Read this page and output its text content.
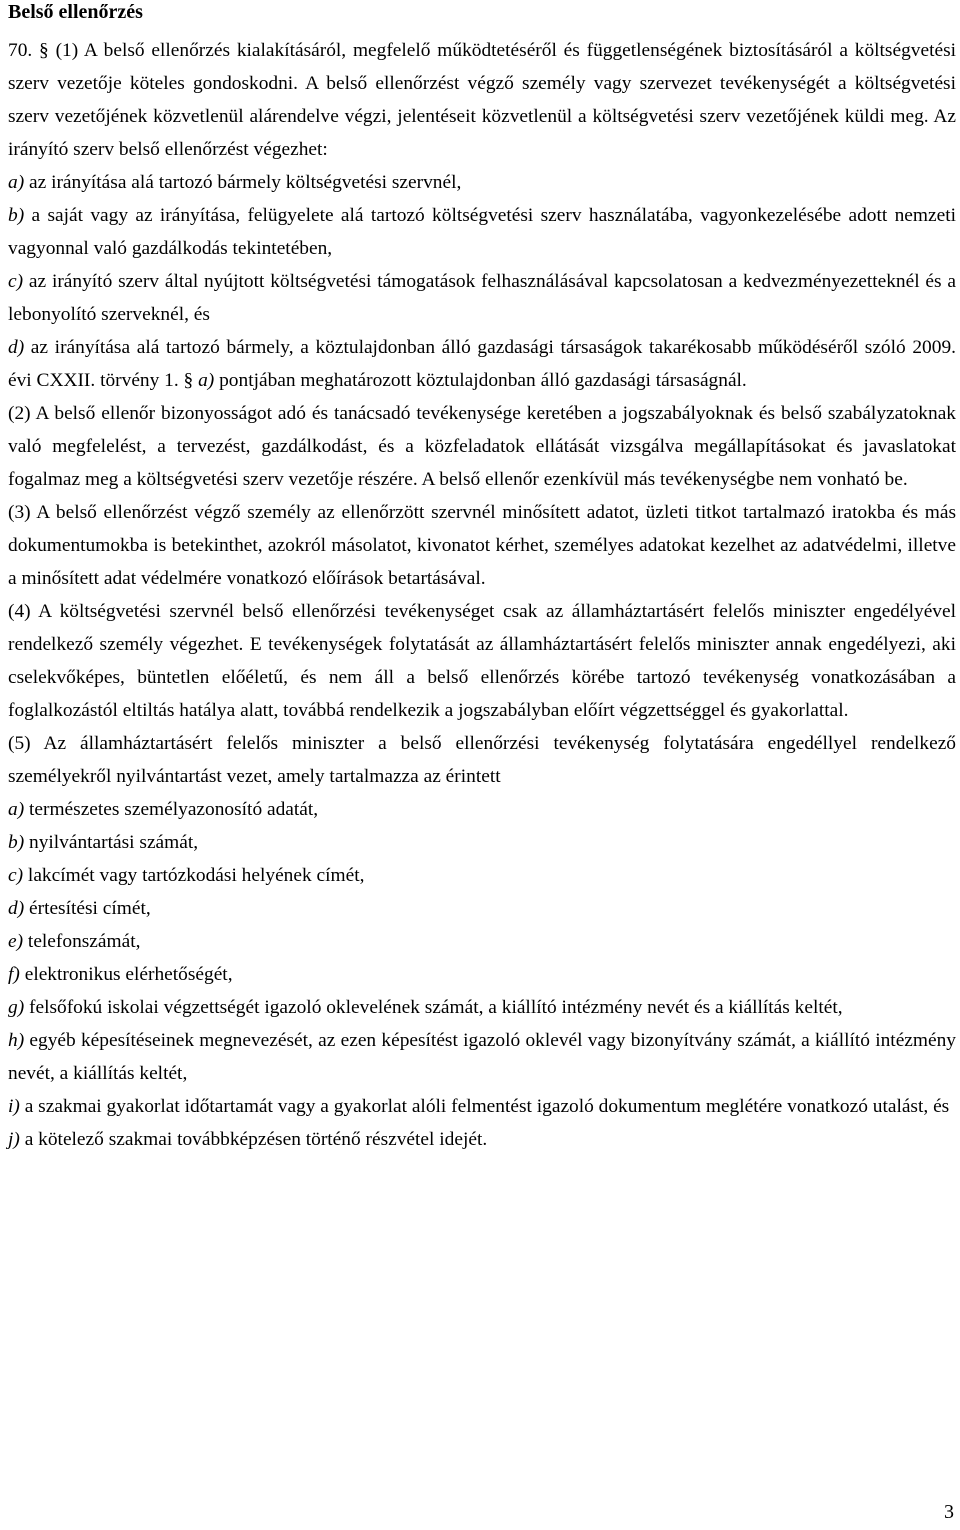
Belső ellenőrzés

70. § (1) A belső ellenőrzés kialakításáról, megfelelő működtetéséről és függetlenségének biztosításáról a költségvetési szerv vezetője köteles gondoskodni. A belső ellenőrzést végző személy vagy szervezet tevékenységét a költségvetési szerv vezetőjének közvetlenül alárendelve végzi, jelentéseit közvetlenül a költségvetési szerv vezetőjének küldi meg. Az irányító szerv belső ellenőrzést végezhet:

a) az irányítása alá tartozó bármely költségvetési szervnél,

b) a saját vagy az irányítása, felügyelete alá tartozó költségvetési szerv használatába, vagyonkezelésébe adott nemzeti vagyonnal való gazdálkodás tekintetében,

c) az irányító szerv által nyújtott költségvetési támogatások felhasználásával kapcsolatosan a kedvezményezetteknél és a lebonyolító szerveknél, és

d) az irányítása alá tartozó bármely, a köztulajdonban álló gazdasági társaságok takarékosabb működéséről szóló 2009. évi CXXII. törvény 1. § a) pontjában meghatározott köztulajdonban álló gazdasági társaságnál.

(2) A belső ellenőr bizonyosságot adó és tanácsadó tevékenysége keretében a jogszabályoknak és belső szabályzatoknak való megfelelést, a tervezést, gazdálkodást, és a közfeladatok ellátását vizsgálva megállapításokat és javaslatokat fogalmaz meg a költségvetési szerv vezetője részére. A belső ellenőr ezenkívül más tevékenységbe nem vonható be.

(3) A belső ellenőrzést végző személy az ellenőrzött szervnél minősített adatot, üzleti titkot tartalmazó iratokba és más dokumentumokba is betekinthet, azokról másolatot, kivonatot kérhet, személyes adatokat kezelhet az adatvédelmi, illetve a minősített adat védelmére vonatkozó előírások betartásával.

(4) A költségvetési szervnél belső ellenőrzési tevékenységet csak az államháztartásért felelős miniszter engedélyével rendelkező személy végezhet. E tevékenységek folytatását az államháztartásért felelős miniszter annak engedélyezi, aki cselekvőképes, büntetlen előéletű, és nem áll a belső ellenőrzés körébe tartozó tevékenység vonatkozásában a foglalkozástól eltiltás hatálya alatt, továbbá rendelkezik a jogszabályban előírt végzettséggel és gyakorlattal.

(5) Az államháztartásért felelős miniszter a belső ellenőrzési tevékenység folytatására engedéllyel rendelkező személyekről nyilvántartást vezet, amely tartalmazza az érintett

a) természetes személyazonosító adatát,

b) nyilvántartási számát,

c) lakcímét vagy tartózkodási helyének címét,

d) értesítési címét,

e) telefonszámát,

f) elektronikus elérhetőségét,

g) felsőfokú iskolai végzettségét igazoló oklevelének számát, a kiállító intézmény nevét és a kiállítás keltét,

h) egyéb képesítéseinek megnevezését, az ezen képesítést igazoló oklevél vagy bizonyítvány számát, a kiállító intézmény nevét, a kiállítás keltét,

i) a szakmai gyakorlat időtartamát vagy a gyakorlat alóli felmentést igazoló dokumentum meglétére vonatkozó utalást, és

j) a kötelező szakmai továbbképzésen történő részvétel idejét.

3
